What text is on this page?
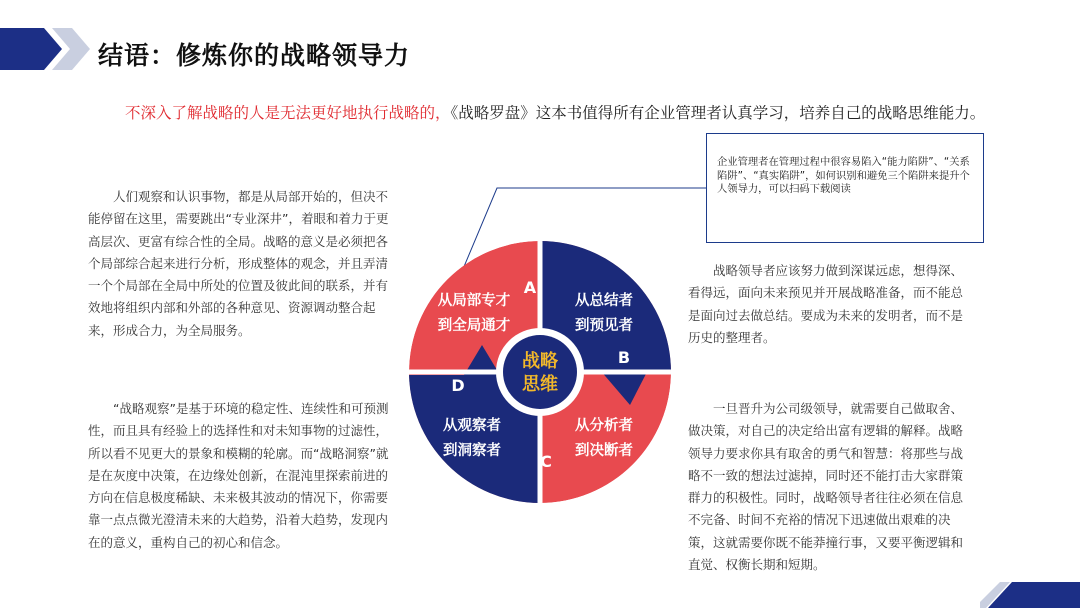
结语：修炼你的战略领导力
不深入了解战略的人是无法更好地执行战略的，《战略罗盘》这本书值得所有企业管理者认真学习，培养自己的战略思维能力。
人们观察和认识事物，都是从局部开始的，但决不能停留在这里，需要跳出“专业深井”，着眼和着力于更　高层次、更富有综合性的全局。战略的意义是必须把各　个局部综合起来进行分析，形成整体的观念，并且弄清　一个个局部在全局中所处的位置及彼此间的联系，并有　效地将组织内部和外部的各种意见、资源调动整合起来，形成合力，为全局服务。
“战略观察”是基于环境的稳定性、连续性和可预测性，而且具有经验上的选择性和对未知事物的过滤性，所以看不见更大的景象和模糊的轮廓。而“战略洞察”就是在灰度中决策，在边缘处创新，在混沌里探索前进的方向在信息极度稀缺、未来极其波动的情况下，你需要靠一点点微光澄清未来的大趋势，沿着大趋势，发现内在的意义，重构自己的初心和信念。
战略领导者应该努力做到深谋远虑，想得深、看得远，面向未来预见并开展战略准备，而不能总是面向过去做总结。要成为未来的发明者，而不是历史的整理者。
一旦晋升为公司级领导，就需要自己做取舍、做决策，对自己的决定给出富有逻辑的解释。战略领导力要求你具有取舍的勇气和智慧：将那些与战略不一致的想法过滤掉，同时还不能打击大家群策群力的积极性。同时，战略领导者往往必须在信息不完备、时间不充裕的情况下迅速做出艰难的决策，这就需要你既不能莽撞行事，又要平衡逻辑和直觉、权衡长期和短期。
企业管理者在管理过程中很容易陷入“能力陷阱”、“关系陷阱”、“真实陷阱”，如何识别和避免三个陷阱来提升个人领导力，可以扫码下载阅读
战略
思维
A
从局部专才
到全局通才
从总结者
到预见者
B
从分析者
到决断者
C
D
从观察者
到洞察者
